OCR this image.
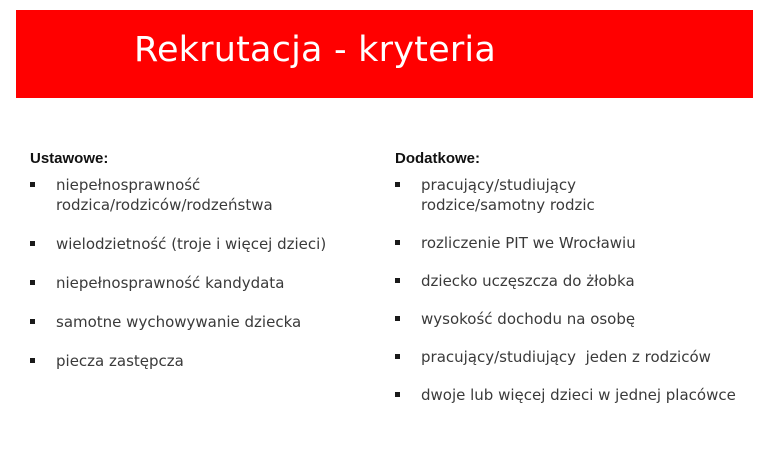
Rekrutacja - kryteria
Ustawowe:
niepełnosprawność rodzica/rodziców/rodzeństwa
wielodzietność (troje i więcej dzieci)
niepełnosprawność kandydata
samotne wychowywanie dziecka
piecza zastępcza
Dodatkowe:
pracujący/studiujący rodzice/samotny rodzic
rozliczenie PIT we Wrocławiu
dziecko uczęszcza do żłobka
wysokość dochodu na osobę
pracujący/studiujący  jeden z rodziców
dwoje lub więcej dzieci w jednej placówce
